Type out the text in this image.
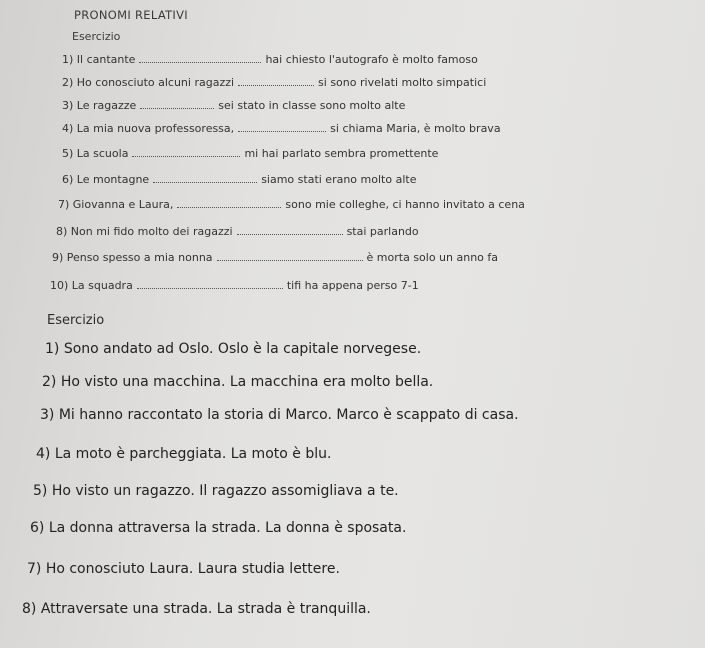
PRONOMI RELATIVI
Esercizio
1) Il cantante	hai chiesto l'autografo è molto famoso
2) Ho conosciuto alcuni ragazzi	si sono rivelati molto simpatici
3) Le ragazze	sei stato in classe sono molto alte
4) La mia nuova professoressa,	si chiama Maria, è molto brava
5) La scuola	mi hai parlato sembra promettente
6) Le montagne	siamo stati erano molto alte
7) Giovanna e Laura,	sono mie colleghe, ci hanno invitato a cena
8) Non mi fido molto dei ragazzi	stai parlando
9) Penso spesso a mia nonna	è morta solo un anno fa
10) La squadra	tifi ha appena perso 7-1
Esercizio
1) Sono andato ad Oslo. Oslo è la capitale norvegese.
2) Ho visto una macchina. La macchina era molto bella.
3) Mi hanno raccontato la storia di Marco. Marco è scappato di casa.
4) La moto è parcheggiata. La moto è blu.
5) Ho visto un ragazzo. Il ragazzo assomigliava a te.
6) La donna attraversa la strada. La donna è sposata.
7) Ho conosciuto Laura. Laura studia lettere.
8) Attraversate una strada. La strada è tranquilla.
